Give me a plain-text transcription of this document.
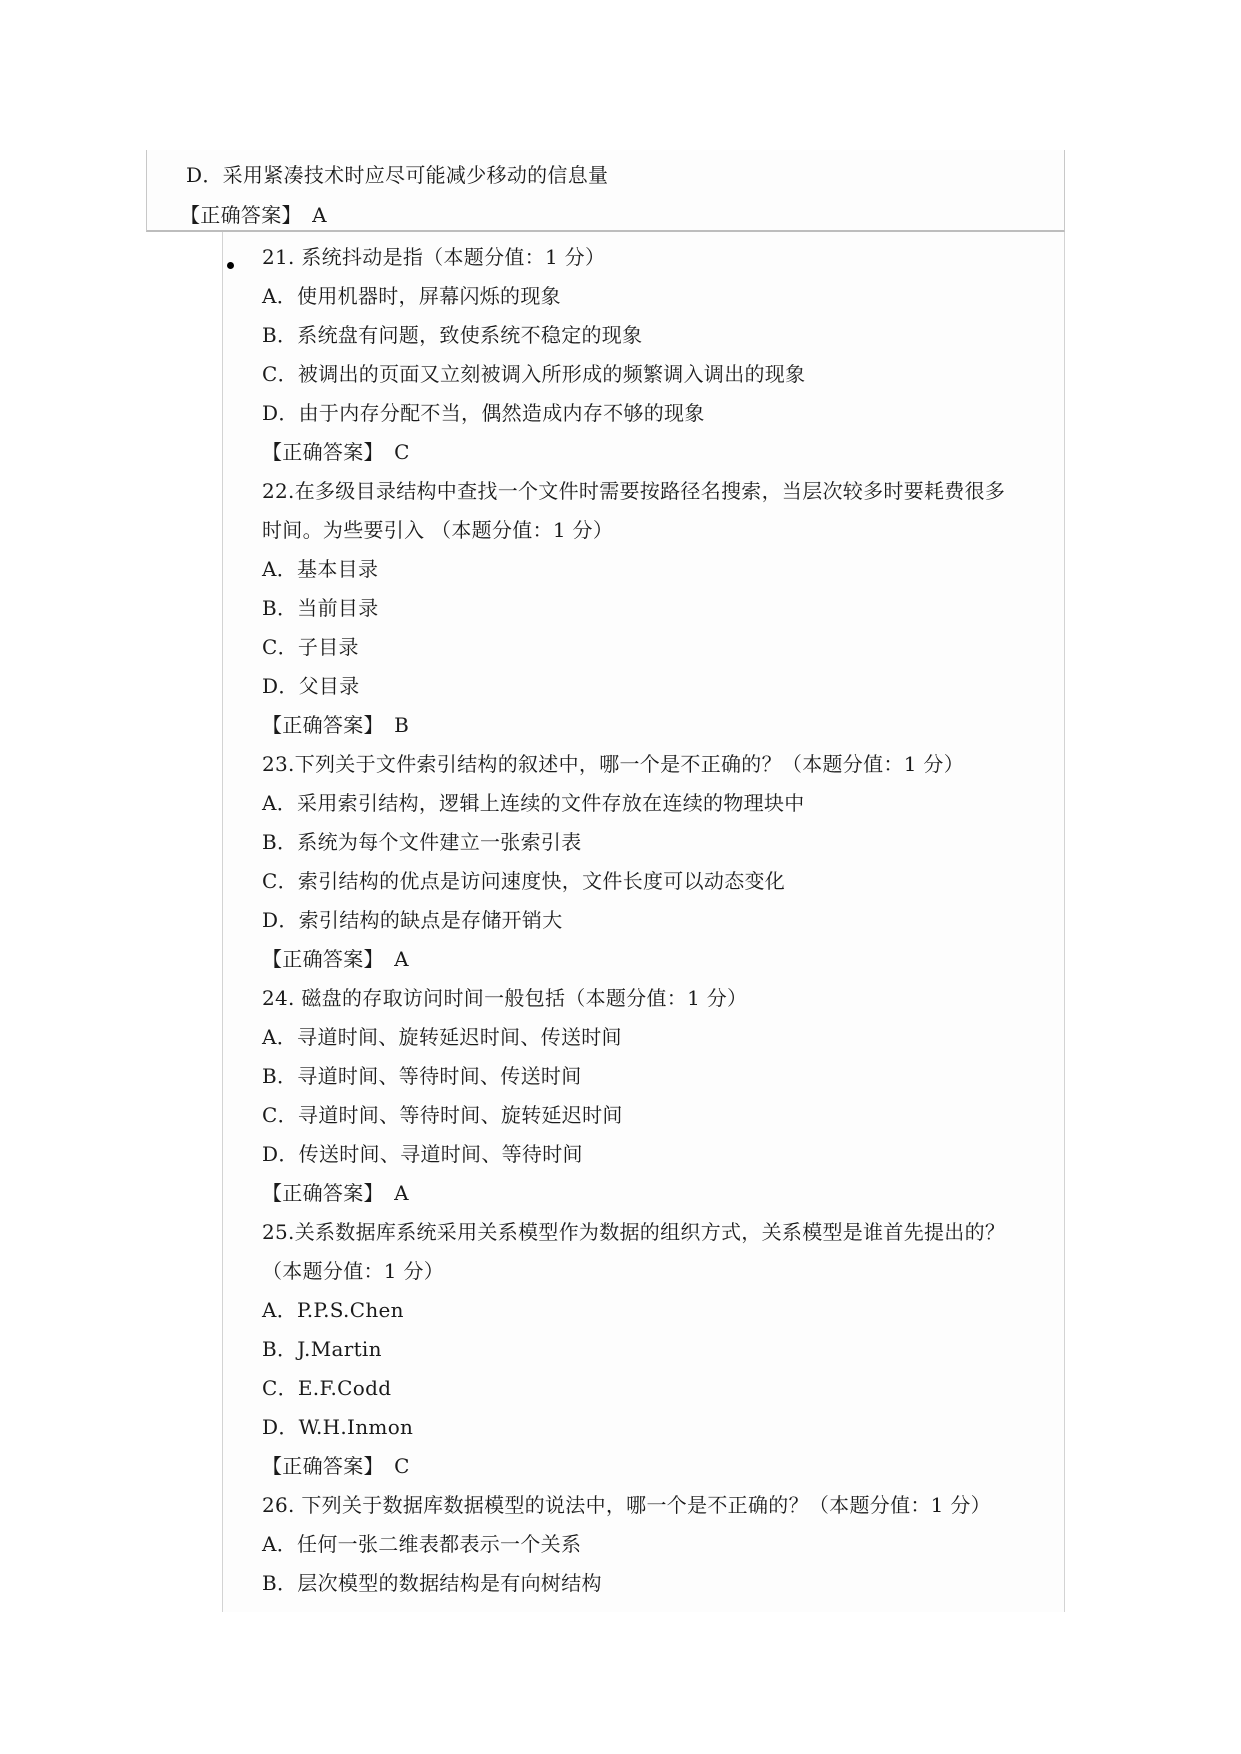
D．采用紧凑技术时应尽可能减少移动的信息量
【正确答案】　A
21. 系统抖动是指（本题分值：1 分）
A．使用机器时，屏幕闪烁的现象
B．系统盘有问题，致使系统不稳定的现象
C．被调出的页面又立刻被调入所形成的频繁调入调出的现象
D．由于内存分配不当，偶然造成内存不够的现象
【正确答案】　C
22.在多级目录结构中查找一个文件时需要按路径名搜索，当层次较多时要耗费很多
时间。为些要引入 （本题分值：1 分）
A．基本目录
B．当前目录
C．子目录
D．父目录
【正确答案】　B
23.下列关于文件索引结构的叙述中，哪一个是不正确的？（本题分值：1 分）
A．采用索引结构，逻辑上连续的文件存放在连续的物理块中
B．系统为每个文件建立一张索引表
C．索引结构的优点是访问速度快，文件长度可以动态变化
D．索引结构的缺点是存储开销大
【正确答案】　A
24. 磁盘的存取访问时间一般包括（本题分值：1 分）
A．寻道时间、旋转延迟时间、传送时间
B．寻道时间、等待时间、传送时间
C．寻道时间、等待时间、旋转延迟时间
D．传送时间、寻道时间、等待时间
【正确答案】　A
25.关系数据库系统采用关系模型作为数据的组织方式，关系模型是谁首先提出的？
（本题分值：1 分）
A．P.P.S.Chen
B．J.Martin
C．E.F.Codd
D．W.H.Inmon
【正确答案】　C
26. 下列关于数据库数据模型的说法中，哪一个是不正确的？（本题分值：1 分）
A．任何一张二维表都表示一个关系
B．层次模型的数据结构是有向树结构
